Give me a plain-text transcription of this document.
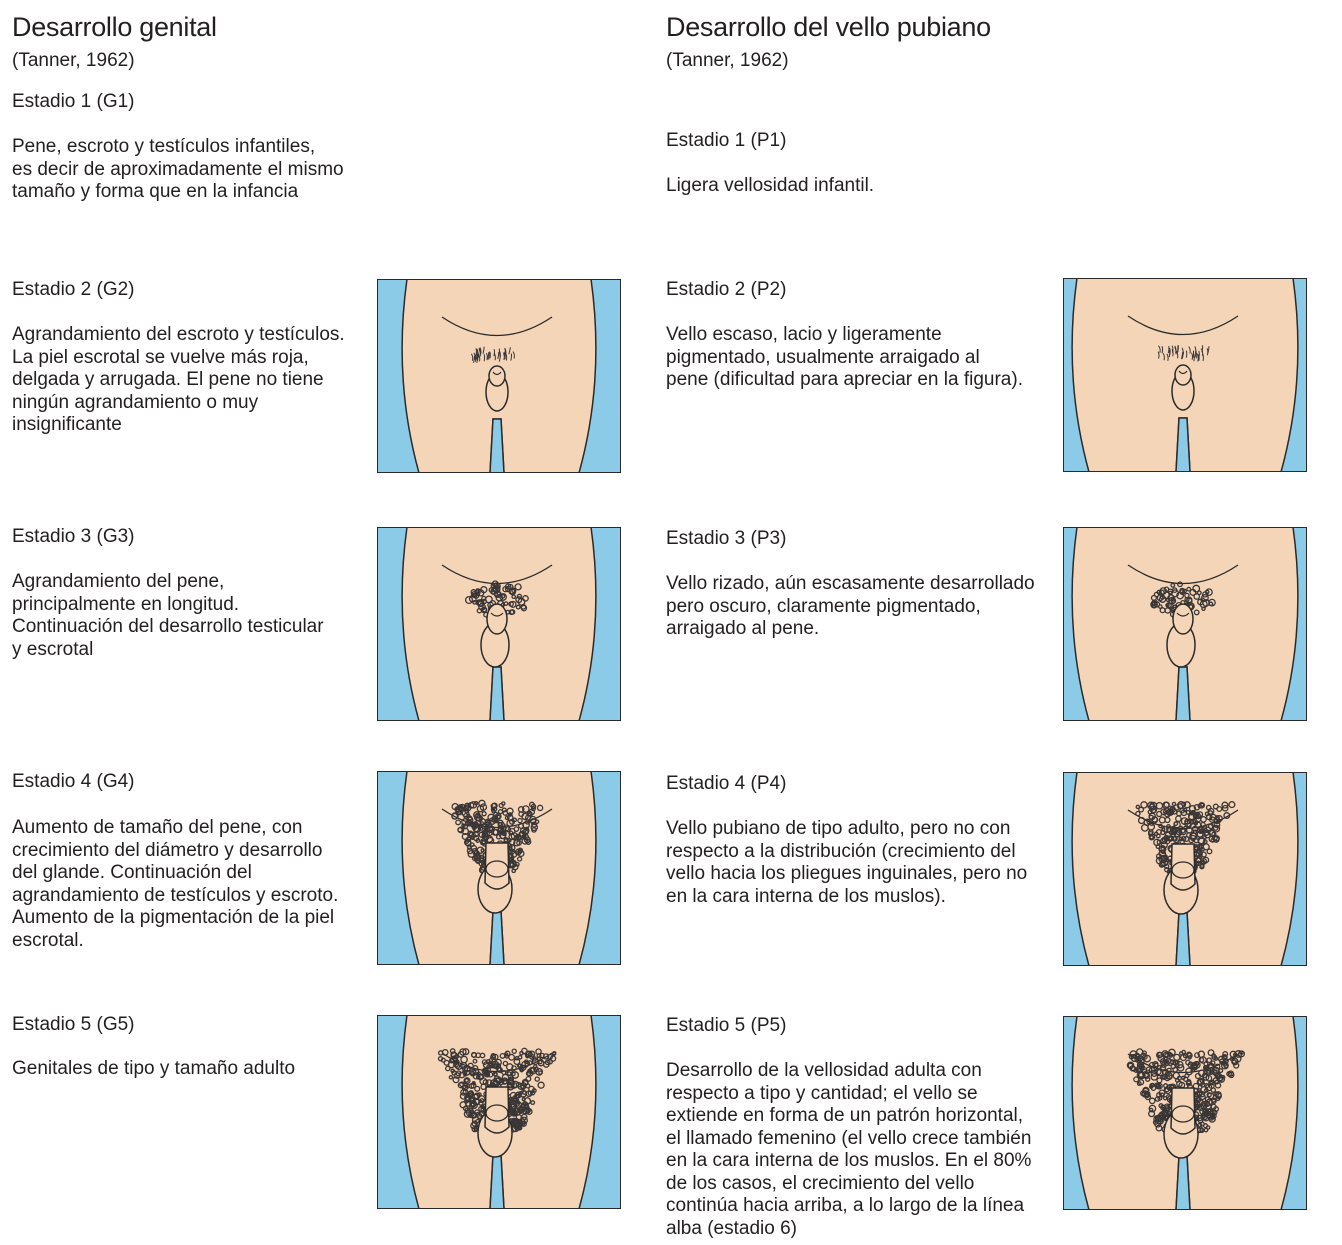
Desarrollo genital
(Tanner, 1962)
Estadio 1 (G1)
Pene, escroto y testículos infantiles,
es decir de aproximadamente el mismo
tamaño y forma que en la infancia
Estadio 2 (G2)
Agrandamiento del escroto y testículos.
La piel escrotal se vuelve más roja,
delgada y arrugada. El pene no tiene
ningún agrandamiento o muy
insignificante
Estadio 3 (G3)
Agrandamiento del pene,
principalmente en longitud.
Continuación del desarrollo testicular
y escrotal
Estadio 4 (G4)
Aumento de tamaño del pene, con
crecimiento del diámetro y desarrollo
del glande. Continuación del
agrandamiento de testículos y escroto.
Aumento de la pigmentación de la piel
escrotal.
Estadio 5 (G5)
Genitales de tipo y tamaño adulto
Desarrollo del vello pubiano
(Tanner, 1962)
Estadio 1 (P1)
Ligera vellosidad infantil.
Estadio 2 (P2)
Vello escaso, lacio y ligeramente
pigmentado, usualmente arraigado al
pene (dificultad para apreciar en la figura).
Estadio 3 (P3)
Vello rizado, aún escasamente desarrollado
pero oscuro, claramente pigmentado,
arraigado al pene.
Estadio 4 (P4)
Vello pubiano de tipo adulto, pero no con
respecto a la distribución (crecimiento del
vello hacia los pliegues inguinales, pero no
en la cara interna de los muslos).
Estadio 5 (P5)
Desarrollo de la vellosidad adulta con
respecto a tipo y cantidad; el vello se
extiende en forma de un patrón horizontal,
el llamado femenino (el vello crece también
en la cara interna de los muslos. En el 80%
de los casos, el crecimiento del vello
continúa hacia arriba, a lo largo de la línea
alba (estadio 6)
